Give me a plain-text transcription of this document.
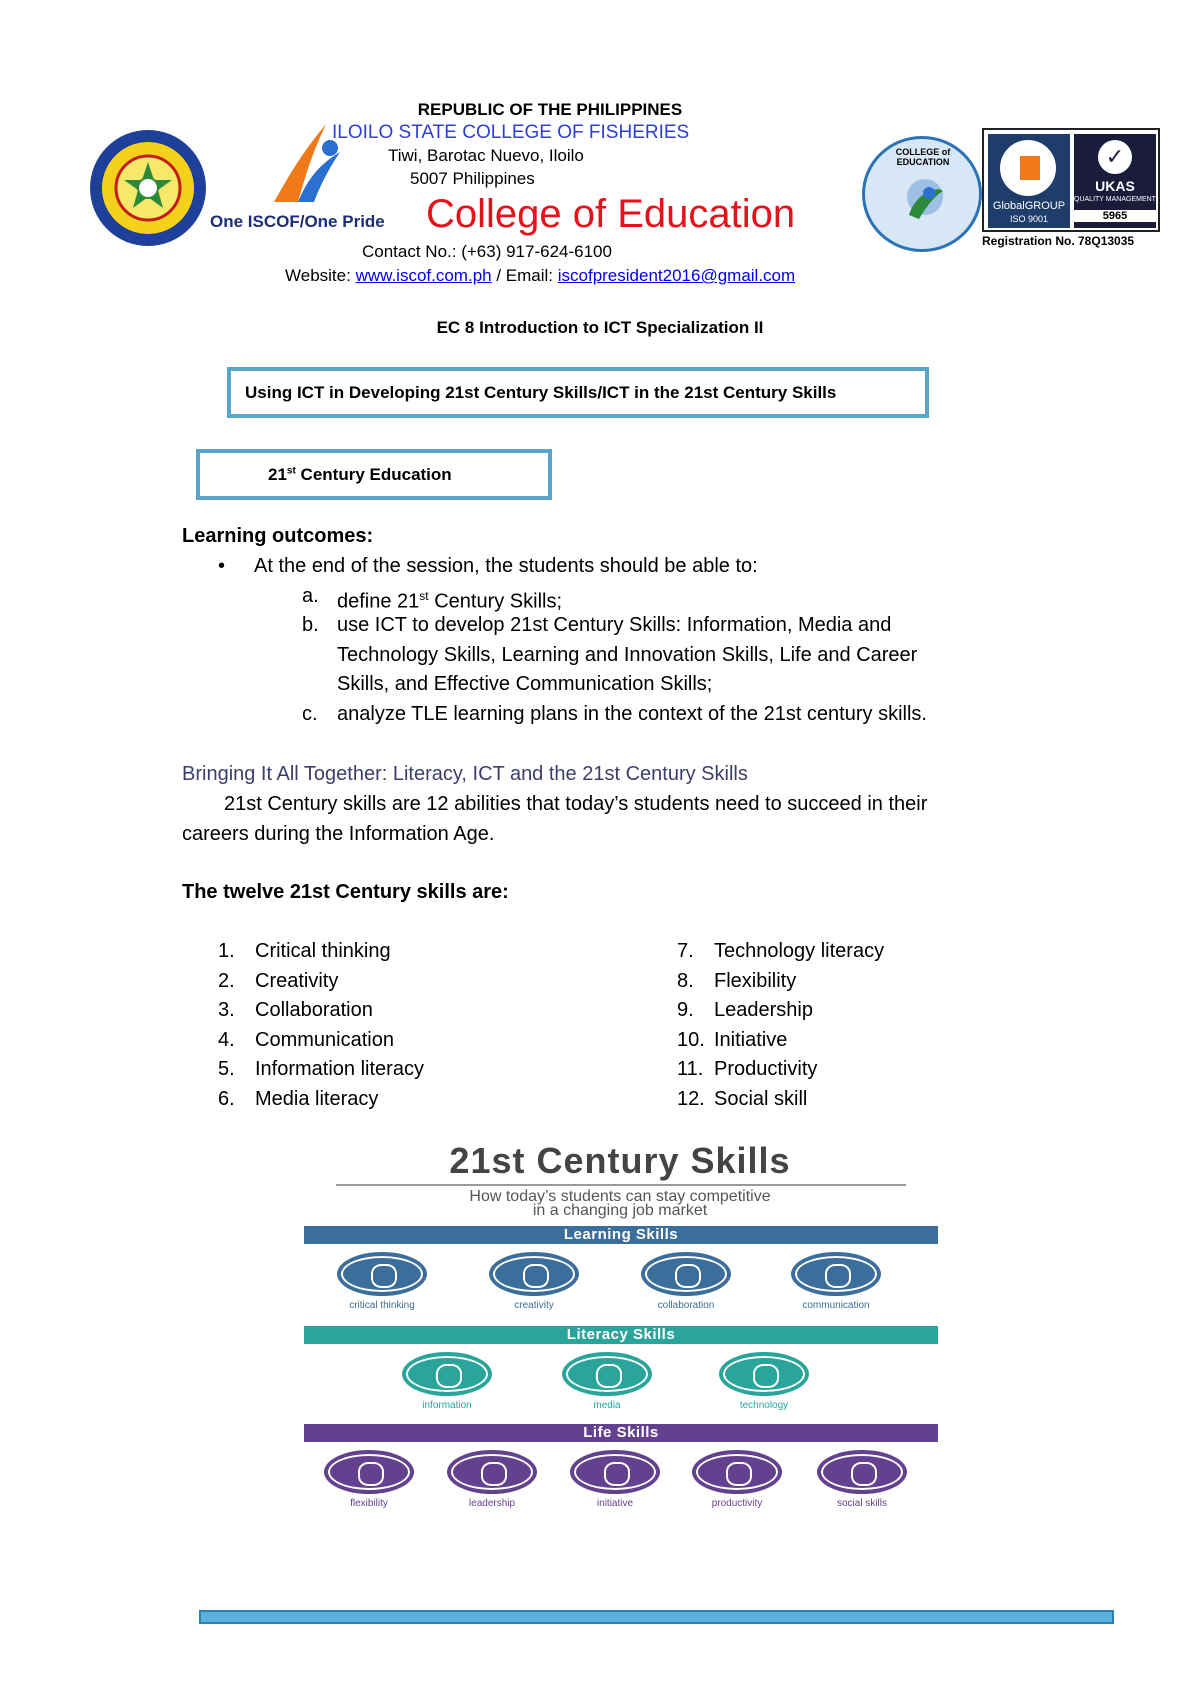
REPUBLIC OF THE PHILIPPINES
ILOILO STATE COLLEGE OF FISHERIES
Tiwi, Barotac Nuevo, Iloilo
5007 Philippines
College of Education
Contact No.: (+63) 917-624-6100
Website: www.iscof.com.ph / Email: iscofpresident2016@gmail.com
One ISCOF/One Pride
COLLEGE of EDUCATION
GlobalGROUP
ISO 9001
✓
UKAS
QUALITY MANAGEMENT
5965
Registration No. 78Q13035
EC 8 Introduction to ICT Specialization II
Using ICT in Developing 21st Century Skills/ICT in the 21st Century Skills
21st Century Education
Learning outcomes:
• At the end of the session, the students should be able to:
a. define 21st Century Skills;
b. use ICT to develop 21st Century Skills: Information, Media and
Technology Skills, Learning and Innovation Skills, Life and Career
Skills, and Effective Communication Skills;
c. analyze TLE learning plans in the context of the 21st century skills.
Bringing It All Together: Literacy, ICT and the 21st Century Skills
21st Century skills are 12 abilities that today’s students need to succeed in their
careers during the Information Age.
The twelve 21st Century skills are:
1.	Critical thinking
2.	Creativity
3.	Collaboration
4.	Communication
5.	Information literacy
6.	Media literacy
7.	Technology literacy
8.	Flexibility
9.	Leadership
10. Initiative
11. Productivity
12. Social skill
21st Century Skills
How today’s students can stay competitive
in a changing job market
Learning Skills
Literacy Skills
Life Skills
critical thinking	creativity	collaboration	communication
information	media	technology
flexibility	leadership	initiative	productivity	social skills
